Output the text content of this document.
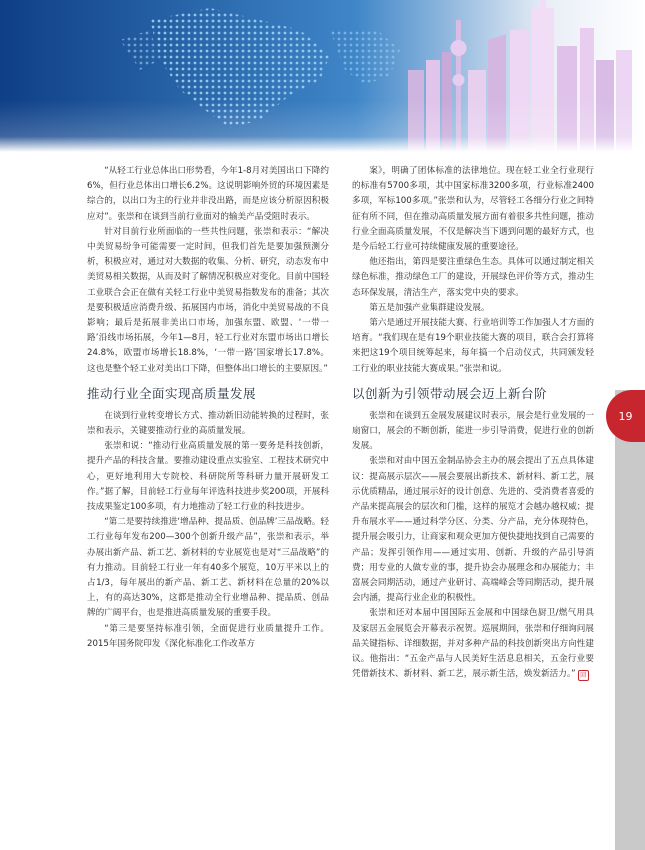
19

“从轻工行业总体出口形势看，今年1-8月对美国出口下降约6%，但行业总体出口增长6.2%。这说明影响外贸的环境因素是综合的，以出口为主的行业并非没出路，而是应该分析原因积极应对”。张崇和在谈到当前行业面对的输美产品受阻时表示。

针对目前行业所面临的一些共性问题，张崇和表示：“解决中美贸易纷争可能需要一定时间，但我们首先是要加强预测分析，积极应对，通过对大数据的收集、分析、研究，动态发布中美贸易相关数据，从而及时了解情况积极应对变化。目前中国轻工业联合会正在做有关轻工行业中美贸易指数发布的准备；其次是要积极适应消费升级、拓展国内市场，消化中美贸易战的不良影响；最后是拓展非美出口市场，加强东盟、欧盟、‘一带一路’沿线市场拓展，今年1—8月，轻工行业对东盟市场出口增长24.8%，欧盟市场增长18.8%，‘一带一路’国家增长17.8%。这也是整个轻工业对美出口下降，但整体出口增长的主要原因。”

推动行业全面实现高质量发展

在谈到行业转变增长方式、推动新旧动能转换的过程时，张崇和表示，关键要推动行业的高质量发展。

张崇和说：“推动行业高质量发展的第一要务是科技创新，提升产品的科技含量。要推动建设重点实验室、工程技术研究中心，更好地利用大专院校、科研院所等科研力量开展研发工作。”据了解，目前轻工行业每年评选科技进步奖200项，开展科技成果鉴定100多项，有力地推动了轻工行业的科技进步。

“第二是要持续推进‘增品种、提品质、创品牌’三品战略。轻工行业每年发布200—300个创新升级产品”，张崇和表示，举办展出新产品、新工艺、新材料的专业展览也是对“三品战略”的有力推动。目前轻工行业一年有40多个展览，10万平米以上的占1/3，每年展出的新产品、新工艺、新材料在总量的20%以上，有的高达30%，这都是推动全行业增品种、提品质、创品牌的广阔平台，也是推进高质量发展的重要手段。

“第三是要坚持标准引领，全面促进行业质量提升工作。2015年国务院印发《深化标准化工作改革方

案》，明确了团体标准的法律地位。现在轻工业全行业现行的标准有5700多项，其中国家标准3200多项，行业标准2400多项，军标100多项。”张崇和认为，尽管轻工各细分行业之间特征有所不同，但在推动高质量发展方面有着很多共性问题，推动行业全面高质量发展，不仅是解决当下遇到问题的最好方式，也是今后轻工行业可持续健康发展的重要途径。

他还指出，第四是要注重绿色生态。具体可以通过制定相关绿色标准，推动绿色工厂的建设，开展绿色评价等方式，推动生态环保发展，清洁生产，落实党中央的要求。

第五是加强产业集群建设发展。

第六是通过开展技能大赛、行业培训等工作加强人才方面的培育。“我们现在是有19个职业技能大赛的项目，联合会打算将来把这19个项目统筹起来，每年搞一个启动仪式，共同颁发轻工行业的职业技能大赛成果。”张崇和说。

以创新为引领带动展会迈上新台阶

张崇和在谈到五金展发展建议时表示，展会是行业发展的一扇窗口，展会的不断创新，能进一步引导消费，促进行业的创新发展。

张崇和对由中国五金制品协会主办的展会提出了五点具体建议：提高展示层次——展会要展出新技术、新材料、新工艺，展示优质精品，通过展示好的设计创意、先进的、受消费者喜爱的产品来提高展会的层次和门槛，这样的展览才会越办越权威；提升布展水平——通过科学分区、分类、分产品，充分体现特色，提升展会吸引力，让商家和观众更加方便快捷地找到自己需要的产品；发挥引领作用——通过实用、创新、升级的产品引导消费；用专业的人做专业的事，提升协会办展理念和办展能力；丰富展会同期活动，通过产业研讨、高端峰会等同期活动，提升展会内涵，提高行业企业的积极性。

张崇和还对本届中国国际五金展和中国绿色厨卫/燃气用具及家居五金展览会开幕表示祝贺。巡展期间，张崇和仔细询问展品关键指标、详细数据，并对多种产品的科技创新突出方向性建议。他指出：“五金产品与人民美好生活息息相关，五金行业要凭借新技术、新材料、新工艺，展示新生活，焕发新活力。” 回
